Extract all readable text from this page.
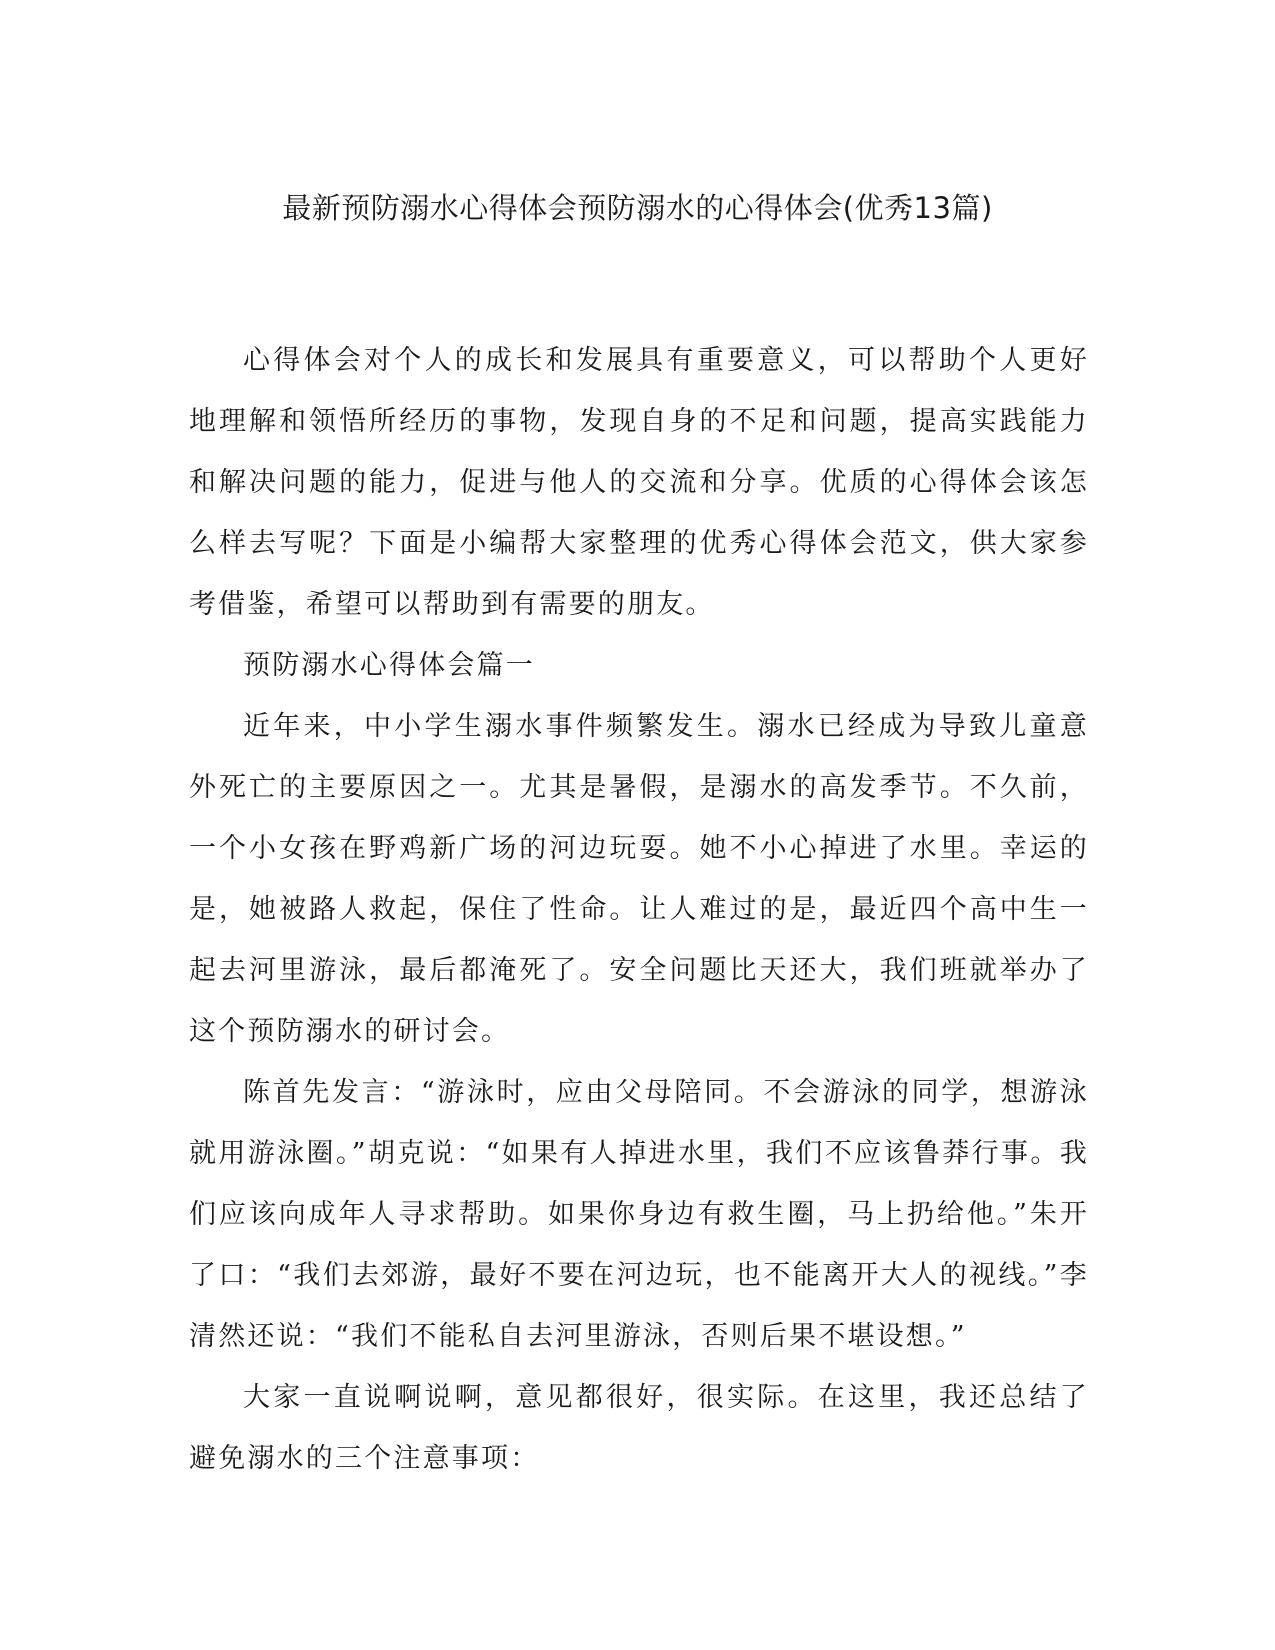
最新预防溺水心得体会预防溺水的心得体会(优秀13篇)

心得体会对个人的成长和发展具有重要意义，可以帮助个人更好地理解和领悟所经历的事物，发现自身的不足和问题，提高实践能力和解决问题的能力，促进与他人的交流和分享。优质的心得体会该怎么样去写呢？下面是小编帮大家整理的优秀心得体会范文，供大家参考借鉴，希望可以帮助到有需要的朋友。

预防溺水心得体会篇一

近年来，中小学生溺水事件频繁发生。溺水已经成为导致儿童意外死亡的主要原因之一。尤其是暑假，是溺水的高发季节。不久前，一个小女孩在野鸡新广场的河边玩耍。她不小心掉进了水里。幸运的是，她被路人救起，保住了性命。让人难过的是，最近四个高中生一起去河里游泳，最后都淹死了。安全问题比天还大，我们班就举办了这个预防溺水的研讨会。

陈首先发言：“游泳时，应由父母陪同。不会游泳的同学，想游泳就用游泳圈。”胡克说：“如果有人掉进水里，我们不应该鲁莽行事。我们应该向成年人寻求帮助。如果你身边有救生圈，马上扔给他。”朱开了口：“我们去郊游，最好不要在河边玩，也不能离开大人的视线。”李清然还说：“我们不能私自去河里游泳，否则后果不堪设想。”

大家一直说啊说啊，意见都很好，很实际。在这里，我还总结了避免溺水的三个注意事项：
